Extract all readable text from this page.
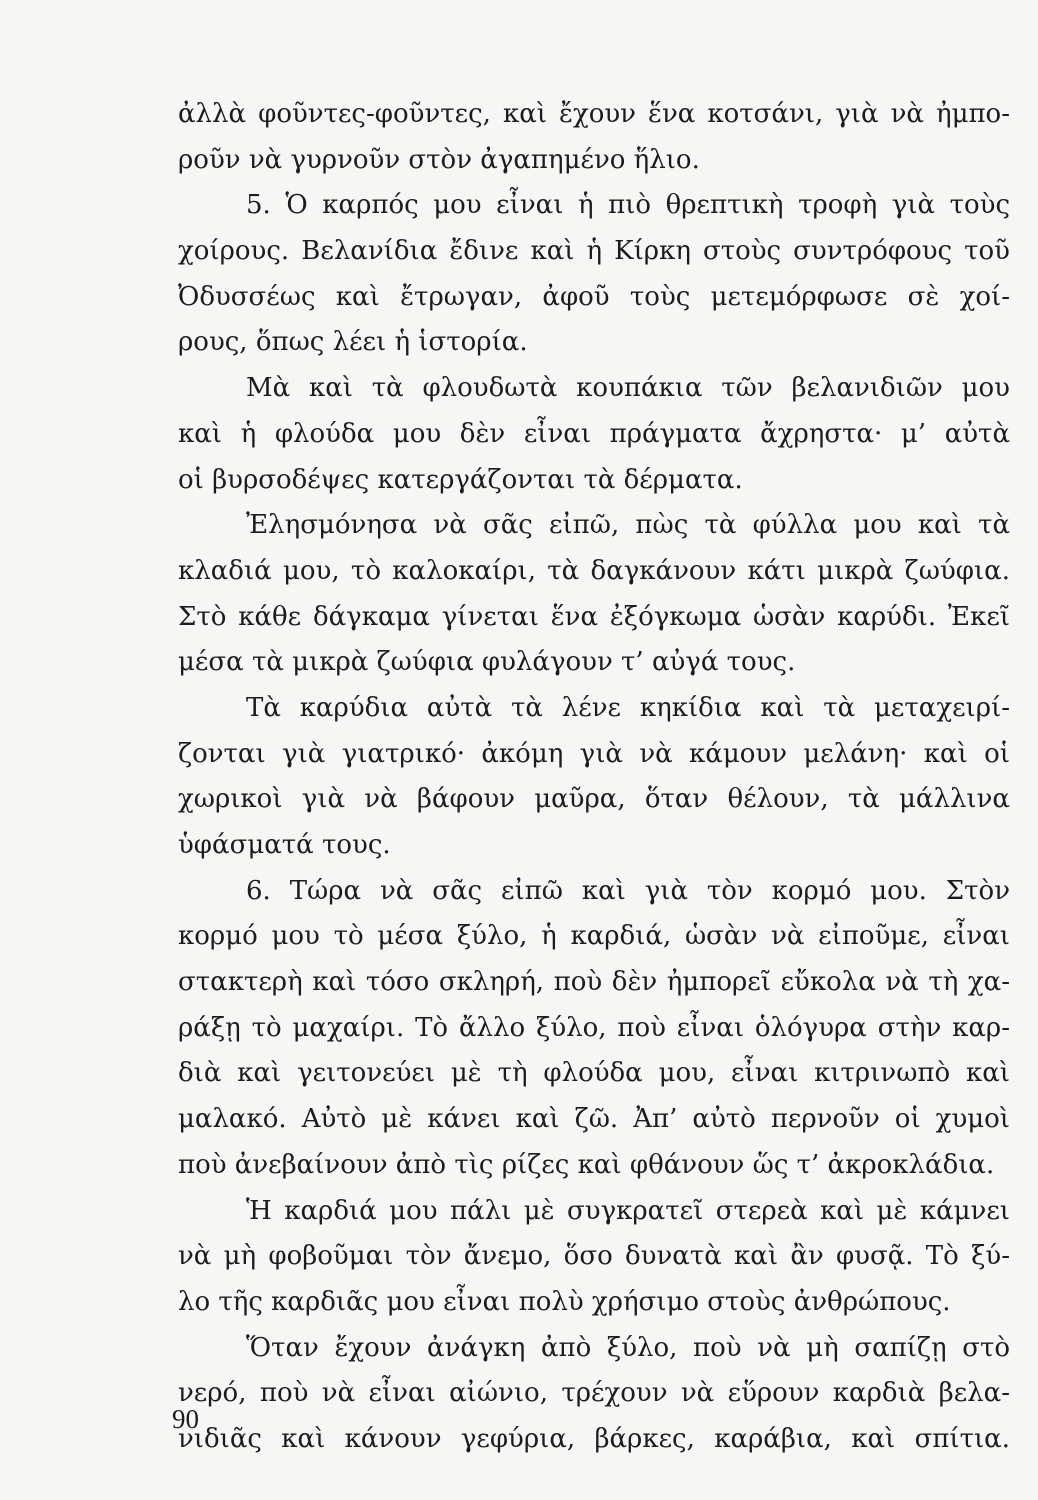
ἀλλὰ φοῦντες-φοῦντες, καὶ ἔχουν ἕνα κοτσάνι, γιὰ νὰ ἠμπο-
ροῦν νὰ γυρνοῦν στὸν ἀγαπημένο ἥλιο.
5. Ὁ καρπός μου εἶναι ἡ πιὸ θρεπτικὴ τροφὴ γιὰ τοὺς
χοίρους. Βελανίδια ἔδινε καὶ ἡ Κίρκη στοὺς συντρόφους τοῦ
Ὀδυσσέως καὶ ἔτρωγαν, ἀφοῦ τοὺς μετεμόρφωσε σὲ χοί-
ρους, ὅπως λέει ἡ ἱστορία.
Μὰ καὶ τὰ φλουδωτὰ κουπάκια τῶν βελανιδιῶν μου
καὶ ἡ φλούδα μου δὲν εἶναι πράγματα ἄχρηστα· μ’ αὐτὰ
οἱ βυρσοδέψες κατεργάζονται τὰ δέρματα.
Ἐλησμόνησα νὰ σᾶς εἰπῶ, πὼς τὰ φύλλα μου καὶ τὰ
κλαδιά μου, τὸ καλοκαίρι, τὰ δαγκάνουν κάτι μικρὰ ζωύφια.
Στὸ κάθε δάγκαμα γίνεται ἕνα ἐξόγκωμα ὡσὰν καρύδι. Ἐκεῖ
μέσα τὰ μικρὰ ζωύφια φυλάγουν τ’ αὐγά τους.
Τὰ καρύδια αὐτὰ τὰ λένε κηκίδια καὶ τὰ μεταχειρί-
ζονται γιὰ γιατρικό· ἀκόμη γιὰ νὰ κάμουν μελάνη· καὶ οἱ
χωρικοὶ γιὰ νὰ βάφουν μαῦρα, ὅταν θέλουν, τὰ μάλλινα
ὑφάσματά τους.
6. Τώρα νὰ σᾶς εἰπῶ καὶ γιὰ τὸν κορμό μου. Στὸν
κορμό μου τὸ μέσα ξύλο, ἡ καρδιά, ὡσὰν νὰ εἰποῦμε, εἶναι
στακτερὴ καὶ τόσο σκληρή, ποὺ δὲν ἠμπορεῖ εὔκολα νὰ τὴ χα-
ράξῃ τὸ μαχαίρι. Τὸ ἄλλο ξύλο, ποὺ εἶναι ὁλόγυρα στὴν καρ-
διὰ καὶ γειτονεύει μὲ τὴ φλούδα μου, εἶναι κιτρινωπὸ καὶ
μαλακό. Αὐτὸ μὲ κάνει καὶ ζῶ. Ἀπ’ αὐτὸ περνοῦν οἱ χυμοὶ
ποὺ ἀνεβαίνουν ἀπὸ τὶς ρίζες καὶ φθάνουν ὥς τ’ ἀκροκλάδια.
Ἡ καρδιά μου πάλι μὲ συγκρατεῖ στερεὰ καὶ μὲ κάμνει
νὰ μὴ φοβοῦμαι τὸν ἄνεμο, ὅσο δυνατὰ καὶ ἂν φυσᾷ. Τὸ ξύ-
λο τῆς καρδιᾶς μου εἶναι πολὺ χρήσιμο στοὺς ἀνθρώπους.
Ὅταν ἔχουν ἀνάγκη ἀπὸ ξύλο, ποὺ νὰ μὴ σαπίζῃ στὸ
νερό, ποὺ νὰ εἶναι αἰώνιο, τρέχουν νὰ εὕρουν καρδιὰ βελα-
νιδιᾶς καὶ κάνουν γεφύρια, βάρκες, καράβια, καὶ σπίτια.
90
